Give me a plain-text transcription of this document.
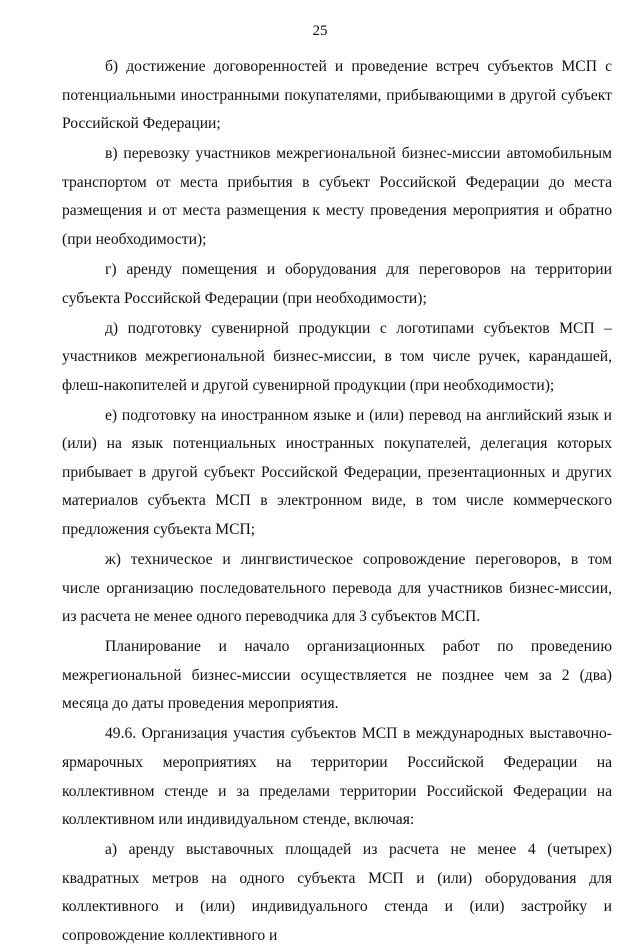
25

б) достижение договоренностей и проведение встреч субъектов МСП с потенциальными иностранными покупателями, прибывающими в другой субъект Российской Федерации;

в) перевозку участников межрегиональной бизнес-миссии автомобильным транспортом от места прибытия в субъект Российской Федерации до места размещения и от места размещения к месту проведения мероприятия и обратно (при необходимости);

г) аренду помещения и оборудования для переговоров на территории субъекта Российской Федерации (при необходимости);

д) подготовку сувенирной продукции с логотипами субъектов МСП – участников межрегиональной бизнес-миссии, в том числе ручек, карандашей, флеш-накопителей и другой сувенирной продукции (при необходимости);

е) подготовку на иностранном языке и (или) перевод на английский язык и (или) на язык потенциальных иностранных покупателей, делегация которых прибывает в другой субъект Российской Федерации, презентационных и других материалов субъекта МСП в электронном виде, в том числе коммерческого предложения субъекта МСП;

ж) техническое и лингвистическое сопровождение переговоров, в том числе организацию последовательного перевода для участников бизнес-миссии, из расчета не менее одного переводчика для 3 субъектов МСП.

Планирование и начало организационных работ по проведению межрегиональной бизнес-миссии осуществляется не позднее чем за 2 (два) месяца до даты проведения мероприятия.

49.6. Организация участия субъектов МСП в международных выставочно-ярмарочных мероприятиях на территории Российской Федерации на коллективном стенде и за пределами территории Российской Федерации на коллективном или индивидуальном стенде, включая:

а) аренду выставочных площадей из расчета не менее 4 (четырех) квадратных метров на одного субъекта МСП и (или) оборудования для коллективного и (или) индивидуального стенда и (или) застройку и сопровождение коллективного и
